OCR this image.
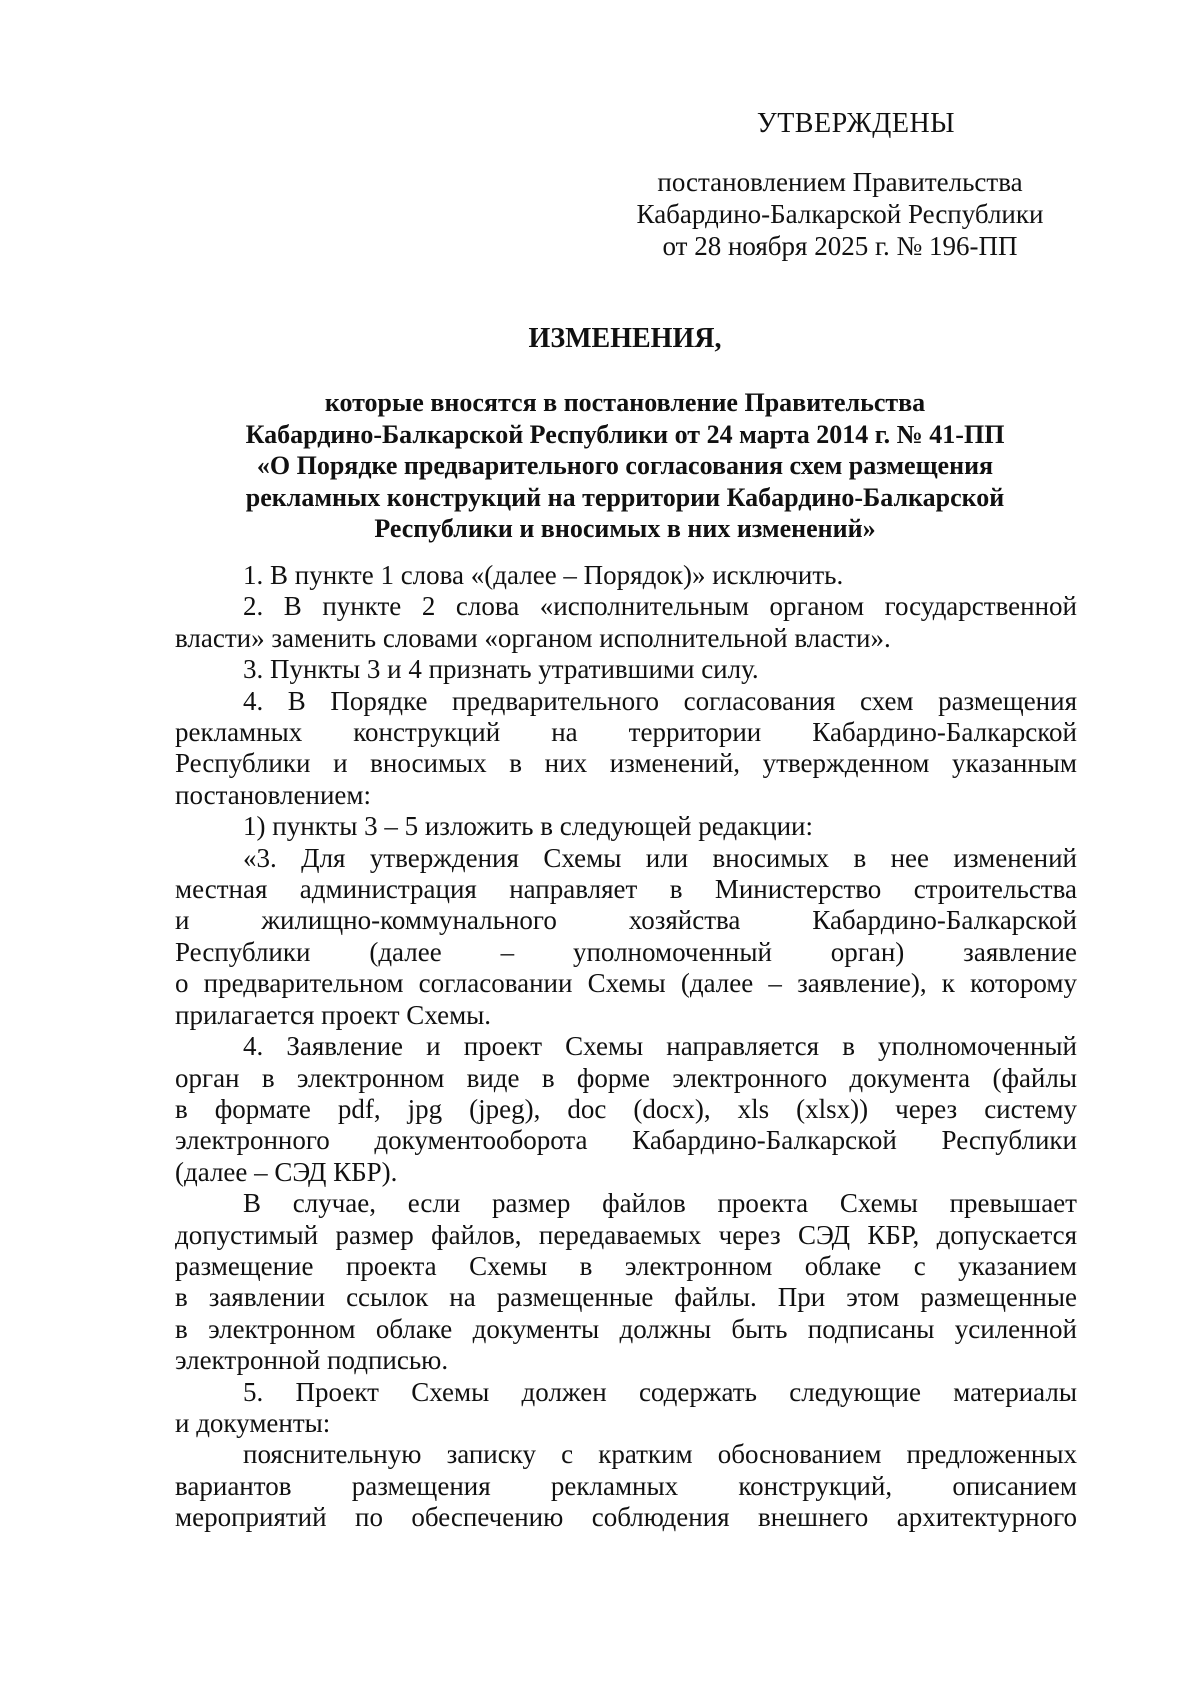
УТВЕРЖДЕНЫ
постановлением Правительства
Кабардино-Балкарской Республики
от 28 ноября 2025 г. № 196-ПП
ИЗМЕНЕНИЯ,
которые вносятся в постановление Правительства
Кабардино-Балкарской Республики от 24 марта 2014 г. № 41-ПП
«О Порядке предварительного согласования схем размещения
рекламных конструкций на территории Кабардино-Балкарской
Республики и вносимых в них изменений»
1. В пункте 1 слова «(далее – Порядок)» исключить.
2. В пункте 2 слова «исполнительным органом государственной
власти» заменить словами «органом исполнительной власти».
3. Пункты 3 и 4 признать утратившими силу.
4. В Порядке предварительного согласования схем размещения
рекламных конструкций на территории Кабардино-Балкарской
Республики и вносимых в них изменений, утвержденном указанным
постановлением:
1) пункты 3 – 5 изложить в следующей редакции:
«3. Для утверждения Схемы или вносимых в нее изменений
местная администрация направляет в Министерство строительства
и жилищно-коммунального хозяйства Кабардино-Балкарской
Республики (далее – уполномоченный орган) заявление
о предварительном согласовании Схемы (далее – заявление), к которому
прилагается проект Схемы.
4. Заявление и проект Схемы направляется в уполномоченный
орган в электронном виде в форме электронного документа (файлы
в формате pdf, jpg (jpeg), doc (docx), xls (xlsx)) через систему
электронного документооборота Кабардино-Балкарской Республики
(далее – СЭД КБР).
В случае, если размер файлов проекта Схемы превышает
допустимый размер файлов, передаваемых через СЭД КБР, допускается
размещение проекта Схемы в электронном облаке с указанием
в заявлении ссылок на размещенные файлы. При этом размещенные
в электронном облаке документы должны быть подписаны усиленной
электронной подписью.
5. Проект Схемы должен содержать следующие материалы
и документы:
пояснительную записку с кратким обоснованием предложенных
вариантов размещения рекламных конструкций, описанием
мероприятий по обеспечению соблюдения внешнего архитектурного
